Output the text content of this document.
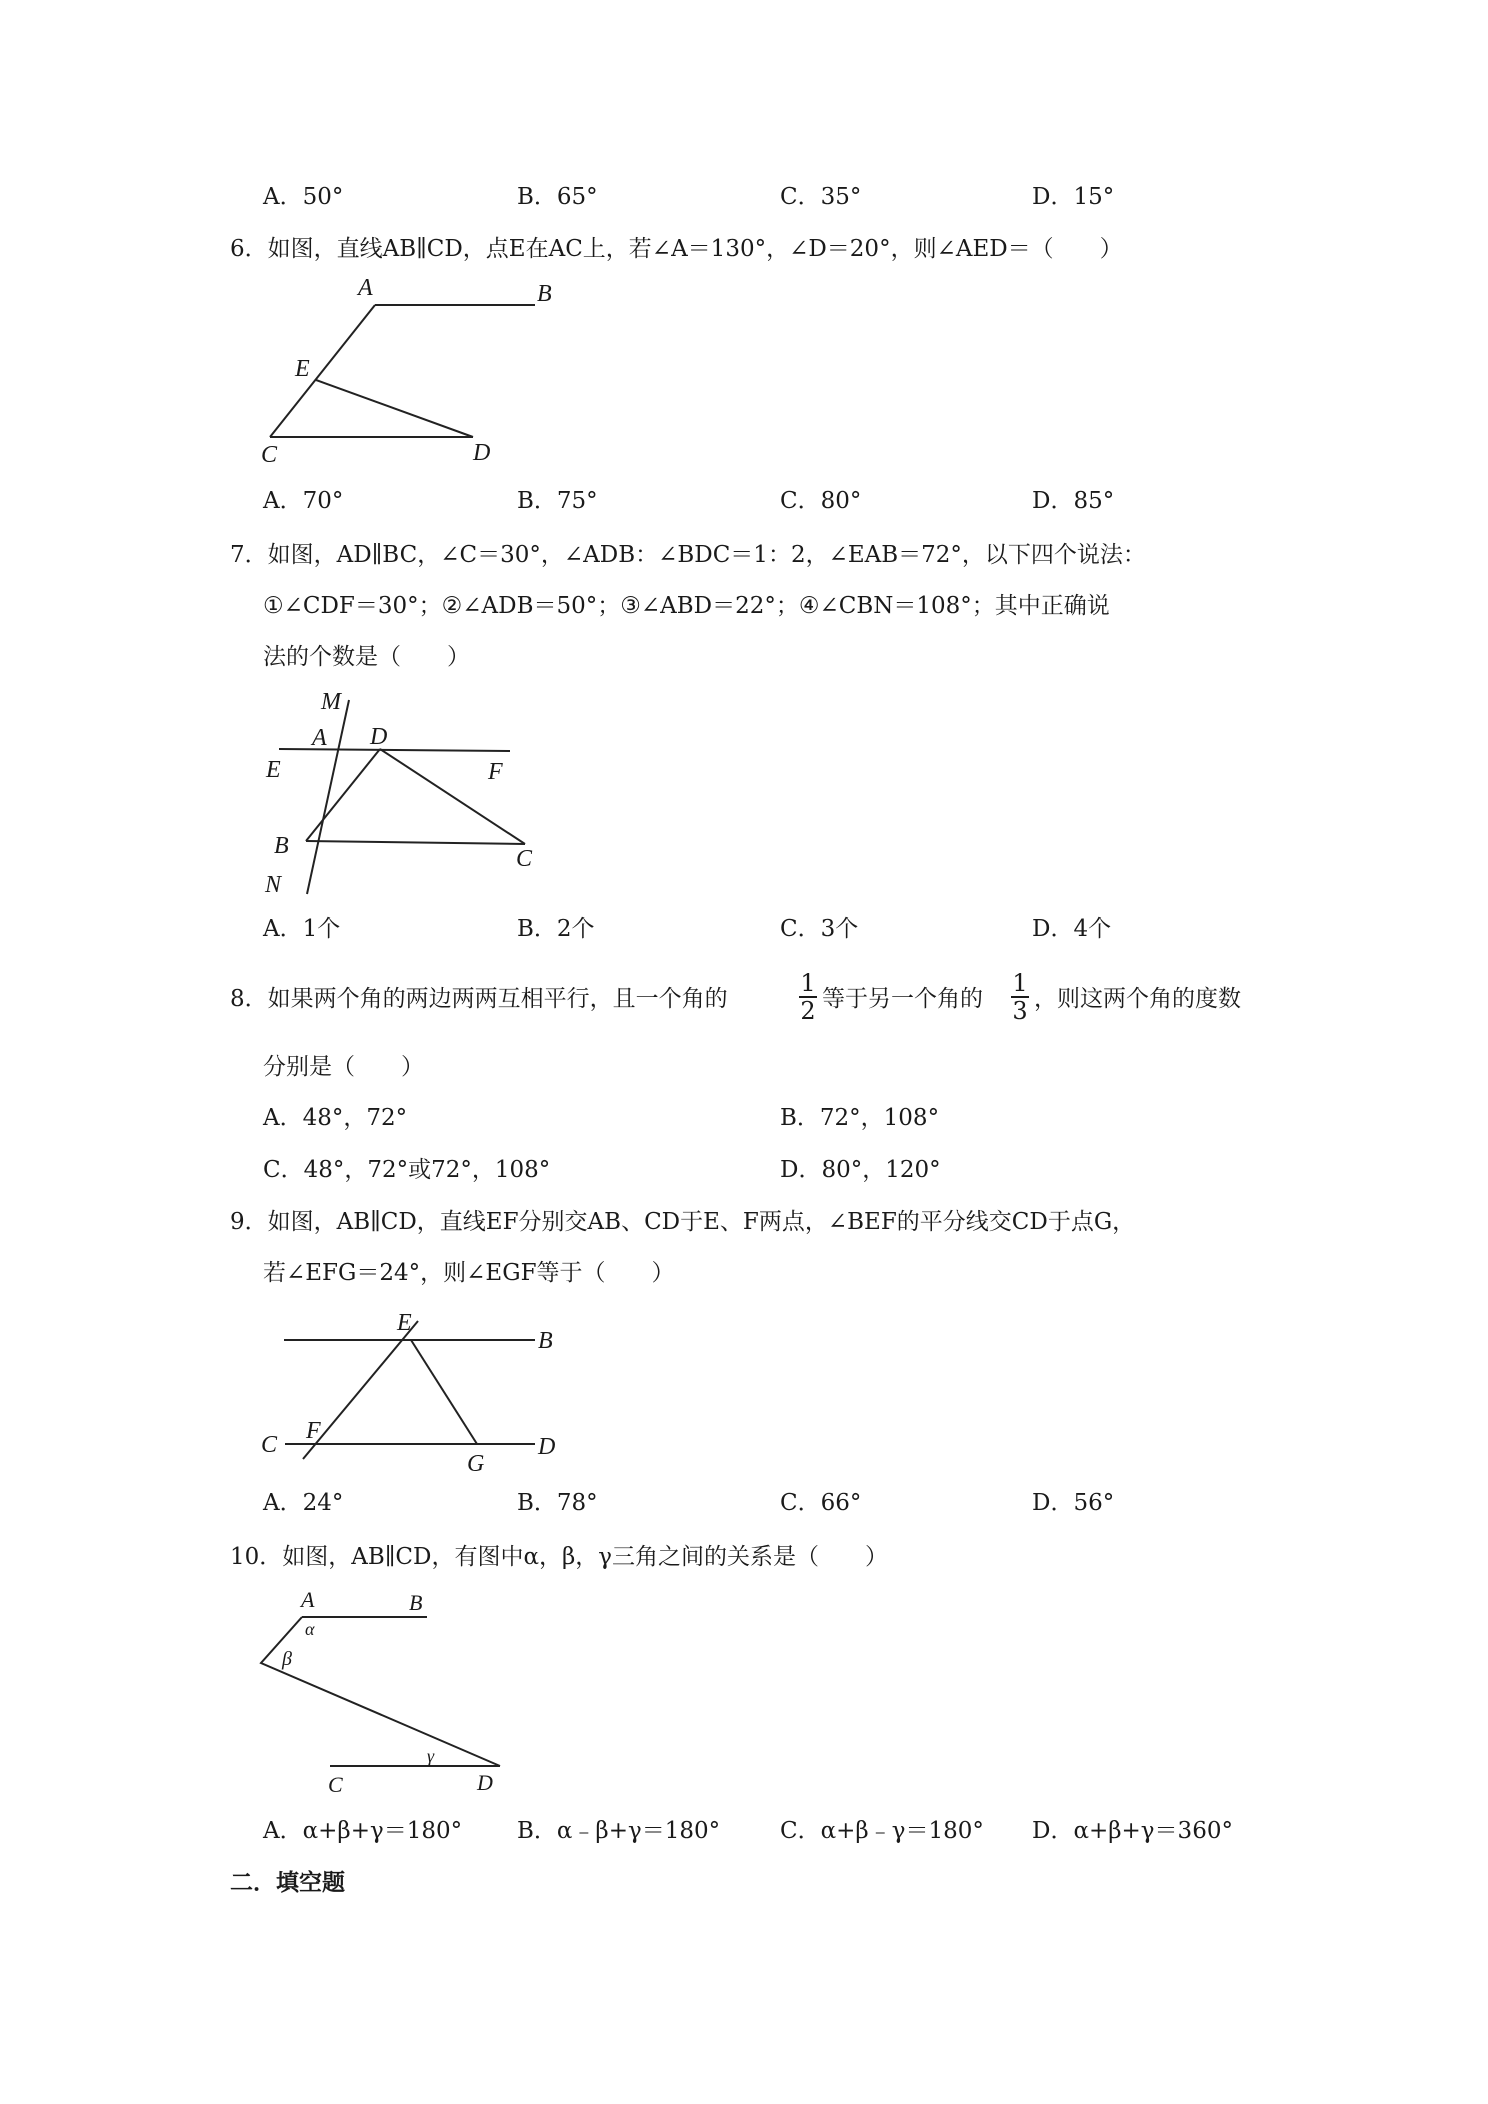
A．50°	B．65°	C．35°	D．15°
6．如图，直线AB∥CD，点E在AC上，若∠A＝130°，∠D＝20°，则∠AED＝（　　）
A	B
E
C	D
A．70°	B．75°	C．80°	D．85°
7．如图，AD∥BC，∠C＝30°，∠ADB：∠BDC＝1：2，∠EAB＝72°，以下四个说法：
①∠CDF＝30°；②∠ADB＝50°；③∠ABD＝22°；④∠CBN＝108°；其中正确说
法的个数是（　　）
M
A D
E	F
B	C
N
A．1个	B．2个	C．3个	D．4个
8．如果两个角的两边两两互相平行，且一个角的
1
2 等于另一个角的
1
3 ，则这两个角的度数
分别是（　　）
A．48°，72°	B．72°，108°
C．48°，72°或72°，108°	D．80°，120°
9．如图，AB∥CD，直线EF分别交AB、CD于E、F两点，∠BEF的平分线交CD于点G，
若∠EFG＝24°，则∠EGF等于（　　）
E
B
C
F
G
D
A．24°	B．78°	C．66°	D．56°
10．如图，AB∥CD，有图中α，β，γ三角之间的关系是（　　）
A	B
α
β
γ
C	D
A．α+β+γ＝180° B．α﹣β+γ＝180°	C．α+β﹣γ＝180° D．α+β+γ＝360°
二．填空题
